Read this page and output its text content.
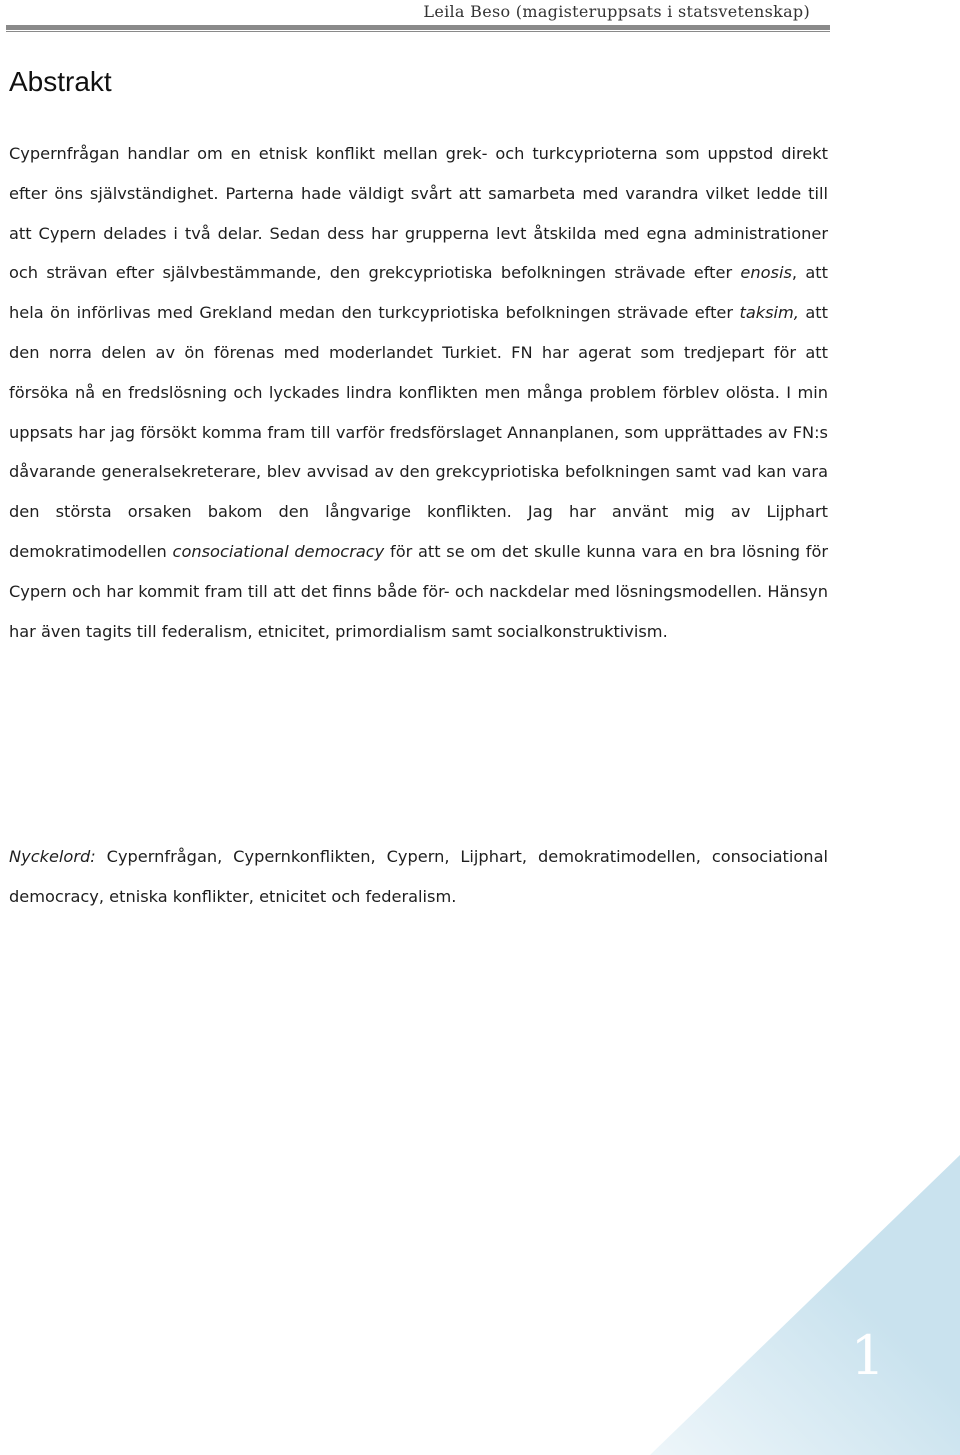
Leila Beso (magisteruppsats i statsvetenskap)
Abstrakt

Cypernfrågan handlar om en etnisk konflikt mellan grek- och turkcyprioterna som uppstod direkt efter öns självständighet. Parterna hade väldigt svårt att samarbeta med varandra vilket ledde till att Cypern delades i två delar. Sedan dess har grupperna levt åtskilda med egna administrationer och strävan efter självbestämmande, den grekcypriotiska befolkningen strävade efter enosis, att hela ön införlivas med Grekland medan den turkcypriotiska befolkningen strävade efter taksim, att den norra delen av ön förenas med moderlandet Turkiet. FN har agerat som tredjepart för att försöka nå en fredslösning och lyckades lindra konflikten men många problem förblev olösta. I min uppsats har jag försökt komma fram till varför fredsförslaget Annanplanen, som upprättades av FN:s dåvarande generalsekreterare, blev avvisad av den grekcypriotiska befolkningen samt vad kan vara den största orsaken bakom den långvarige konflikten. Jag har använt mig av Lijphart demokratimodellen consociational democracy för att se om det skulle kunna vara en bra lösning för Cypern och har kommit fram till att det finns både för- och nackdelar med lösningsmodellen. Hänsyn har även tagits till federalism, etnicitet, primordialism samt socialkonstruktivism.

Nyckelord: Cypernfrågan, Cypernkonflikten, Cypern, Lijphart, demokratimodellen, consociational democracy, etniska konflikter, etnicitet och federalism.

1
